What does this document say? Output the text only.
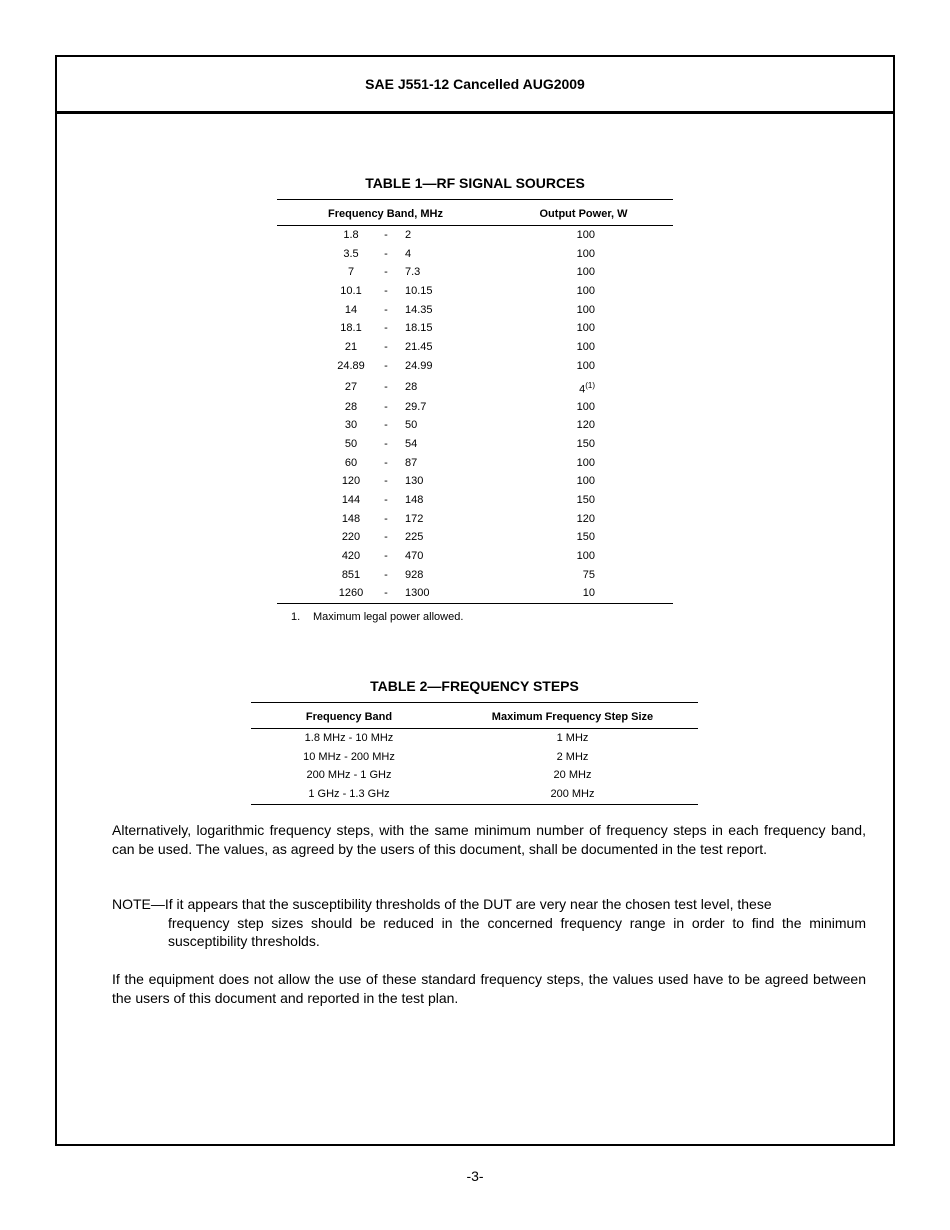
SAE J551-12 Cancelled AUG2009
TABLE 1—RF SIGNAL SOURCES
Frequency Band, MHz	Output Power, W
1.8	- 2	100
3.5	- 4	100
7	- 7.3	100
10.1	- 10.15	100
14	- 14.35	100
18.1	- 18.15	100
21	- 21.45	100
24.89	- 24.99	100
27	- 28	4$^{(1)}$
28	- 29.7	100
30	- 50	120
50	- 54	150
60	- 87	100
120	- 130	100
144	- 148	150
148	- 172	120
220	- 225	150
420	- 470	100
851	- 928	75
1260	- 1300	10
1. Maximum legal power allowed.
TABLE 2—FREQUENCY STEPS
Frequency Band	Maximum Frequency Step Size
1.8 MHz - 10 MHz	1 MHz
10 MHz - 200 MHz	2 MHz
200 MHz - 1 GHz	20 MHz
1 GHz - 1.3 GHz	200 MHz
Alternatively, logarithmic frequency steps, with the same minimum number of frequency steps in each frequency band, can be used. The values, as agreed by the users of this document, shall be documented in the test report.
NOTE—If it appears that the susceptibility thresholds of the DUT are very near the chosen test level, these
frequency step sizes should be reduced in the concerned frequency range in order to find the minimum susceptibility thresholds.
If the equipment does not allow the use of these standard frequency steps, the values used have to be agreed between the users of this document and reported in the test plan.
-3-
